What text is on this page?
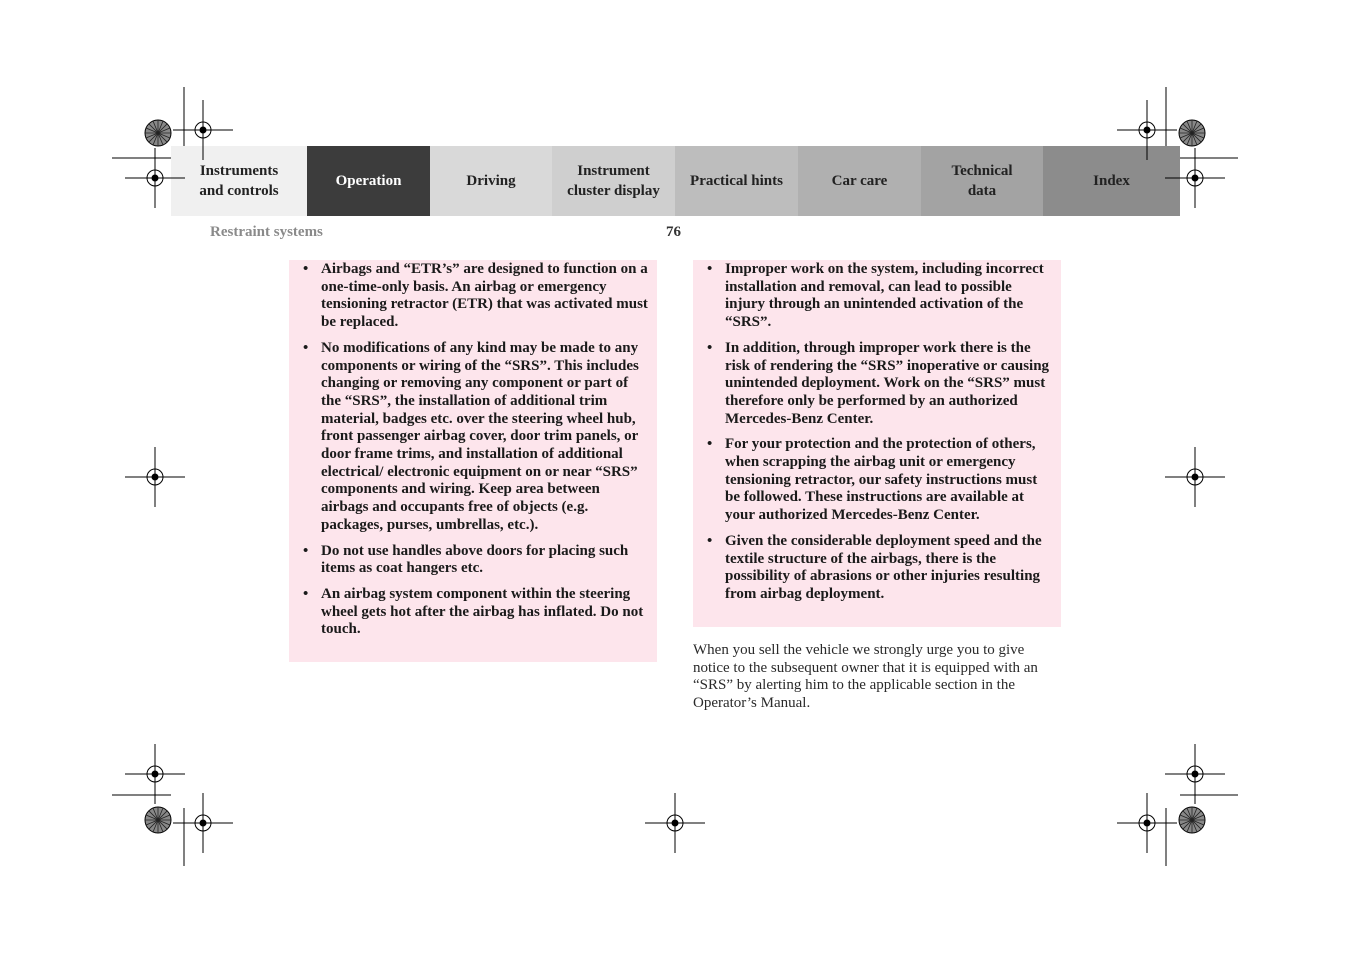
Instruments
and controls
Operation	Driving
Instrument
cluster display
Practical hints	Car care
Technical
data
Index
Restraint systems	76
• Airbags and “ETR’s” are designed to function on a one-time-only basis. An airbag or emergency tensioning retractor (ETR) that was activated must be replaced.
• No modifications of any kind may be made to any components or wiring of the “SRS”. This includes changing or removing any component or part of the “SRS”, the installation of additional trim material, badges etc. over the steering wheel hub, front passenger airbag cover, door trim panels, or door frame trims, and installation of additional electrical/ electronic equipment on or near “SRS” components and wiring. Keep area between airbags and occupants free of objects (e.g. packages, purses, umbrellas, etc.).
• Do not use handles above doors for placing such items as coat hangers etc.
• An airbag system component within the steering wheel gets hot after the airbag has inflated. Do not touch.
• Improper work on the system, including incorrect installation and removal, can lead to possible injury through an unintended activation of the “SRS”.
• In addition, through improper work there is the risk of rendering the “SRS” inoperative or causing unintended deployment. Work on the “SRS” must therefore only be performed by an authorized Mercedes-Benz Center.
• For your protection and the protection of others, when scrapping the airbag unit or emergency tensioning retractor, our safety instructions must be followed. These instructions are available at your authorized Mercedes-Benz Center.
• Given the considerable deployment speed and the textile structure of the airbags, there is the possibility of abrasions or other injuries resulting from airbag deployment.

When you sell the vehicle we strongly urge you to give notice to the subsequent owner that it is equipped with an “SRS” by alerting him to the applicable section in the Operator’s Manual.
